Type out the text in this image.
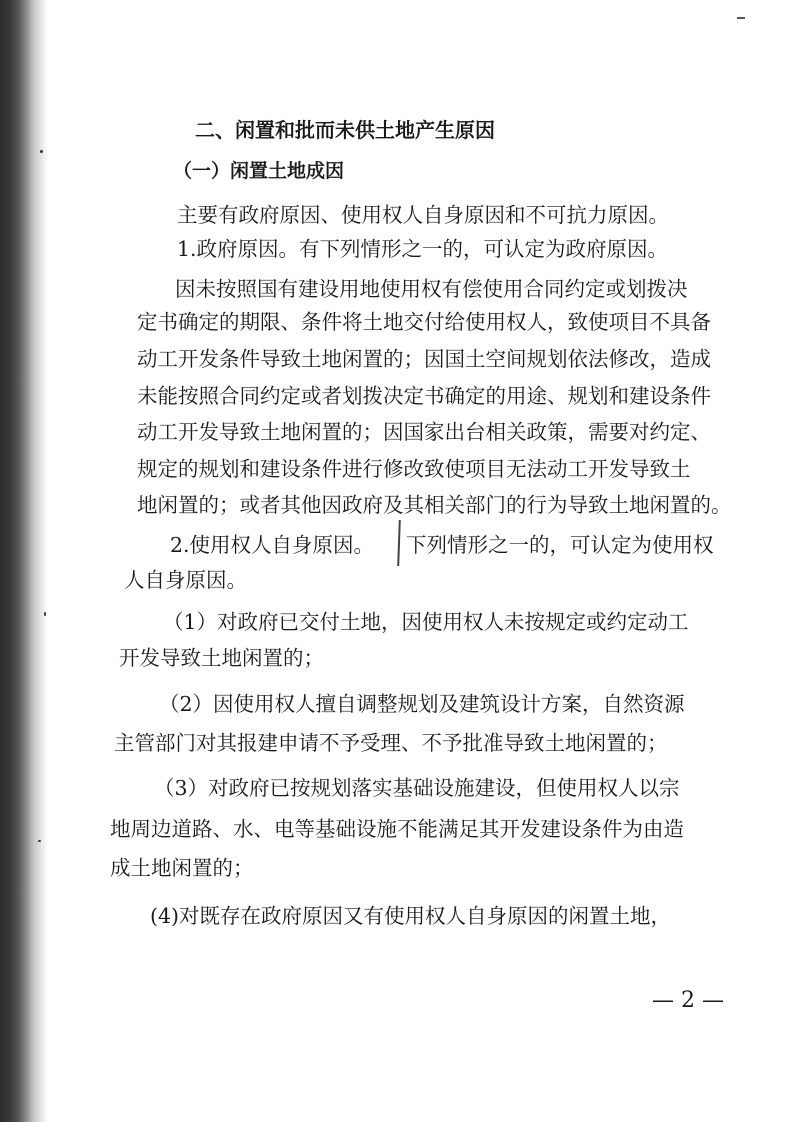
二、闲置和批而未供土地产生原因
（一）闲置土地成因
主要有政府原因、使用权人自身原因和不可抗力原因。
1.政府原因。有下列情形之一的，可认定为政府原因。
因未按照国有建设用地使用权有偿使用合同约定或划拨决
定书确定的期限、条件将土地交付给使用权人，致使项目不具备
动工开发条件导致土地闲置的；因国土空间规划依法修改，造成
未能按照合同约定或者划拨决定书确定的用途、规划和建设条件
动工开发导致土地闲置的；因国家出台相关政策，需要对约定、
规定的规划和建设条件进行修改致使项目无法动工开发导致土
地闲置的；或者其他因政府及其相关部门的行为导致土地闲置的。
2.使用权人自身原因。 下列情形之一的，可认定为使用权
人自身原因。
（1）对政府已交付土地，因使用权人未按规定或约定动工
开发导致土地闲置的；
（2）因使用权人擅自调整规划及建筑设计方案，自然资源
主管部门对其报建申请不予受理、不予批准导致土地闲置的；
（3）对政府已按规划落实基础设施建设，但使用权人以宗
地周边道路、水、电等基础设施不能满足其开发建设条件为由造
成土地闲置的；
(4)对既存在政府原因又有使用权人自身原因的闲置土地，
— 2 —
